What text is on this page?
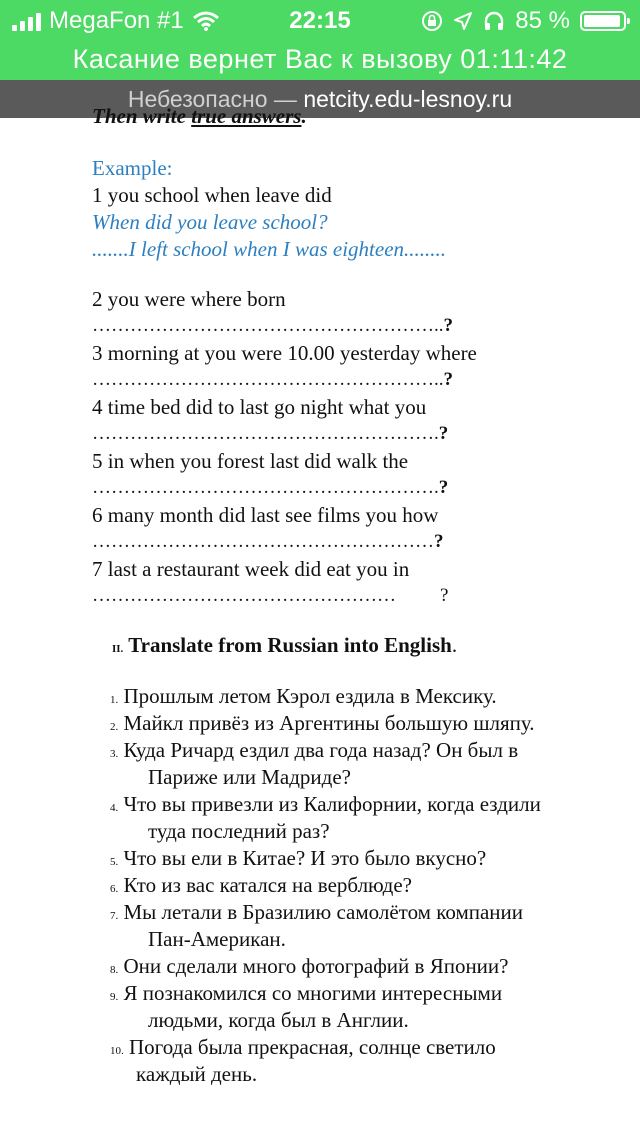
MegaFon #1	22:15	85 %
Касание вернет Вас к вызову 01:11:42
Небезопасно — netcity.edu-lesnoy.ru
Then write true answers.
Example:
1 you school when leave did
When did you leave school?
.......I left school when I was eighteen........
2 you were where born
………………………………………………..?
3 morning at you were 10.00 yesterday where
………………………………………………..?
4 time bed did to last go night what you
……………………………………………….?
5 in when you forest last did walk the
……………………………………………….?
6 many month did last see films you how
………………………………………………?
7 last a restaurant week did eat you in
………………………………………… ?
II. Translate from Russian into English.
1. Прошлым летом Кэрол ездила в Мексику.
2. Майкл привёз из Аргентины большую шляпу.
3. Куда Ричард ездил два года назад? Он был в
Париже или Мадриде?
4. Что вы привезли из Калифорнии, когда ездили
туда последний раз?
5. Что вы ели в Китае? И это было вкусно?
6. Кто из вас катался на верблюде?
7. Мы летали в Бразилию самолётом компании
Пан-Американ.
8. Они сделали много фотографий в Японии?
9. Я познакомился со многими интересными
людьми, когда был в Англии.
10. Погода была прекрасная, солнце светило
каждый день.
